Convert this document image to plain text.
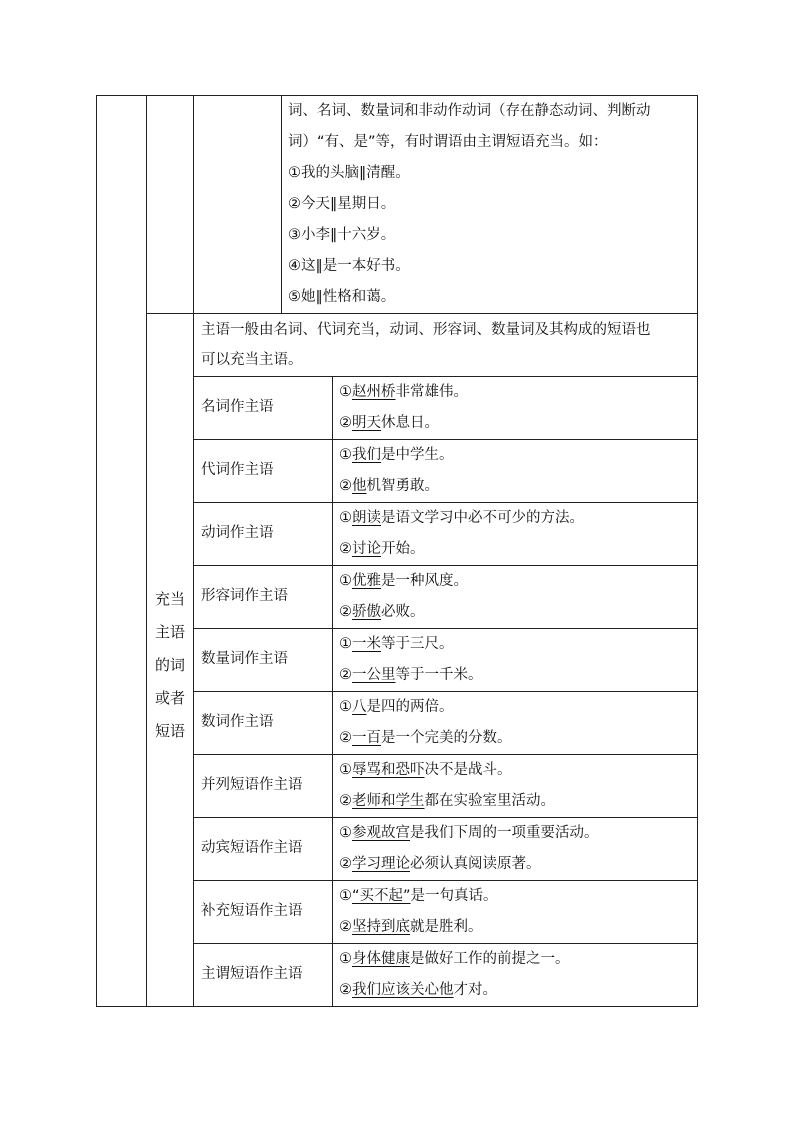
词、名词、数量词和非动作动词（存在静态动词、判断动
词）“有、是”等，有时谓语由主谓短语充当。如：
①我的头脑‖清醒。
②今天‖星期日。
③小李‖十六岁。
④这‖是一本好书。
⑤她‖性格和蔼。
充当
主语
的词
或者
短语
主语一般由名词、代词充当，动词、形容词、数量词及其构成的短语也
可以充当主语。
名词作主语
①赵州桥非常雄伟。
②明天休息日。
代词作主语
①我们是中学生。
②他机智勇敢。
动词作主语
①朗读是语文学习中必不可少的方法。
②讨论开始。
形容词作主语
①优雅是一种风度。
②骄傲必败。
数量词作主语
①一米等于三尺。
②一公里等于一千米。
数词作主语
①八是四的两倍。
②一百是一个完美的分数。
并列短语作主语
①辱骂和恐吓决不是战斗。
②老师和学生都在实验室里活动。
动宾短语作主语
①参观故宫是我们下周的一项重要活动。
②学习理论必须认真阅读原著。
补充短语作主语
①“买不起”是一句真话。
②坚持到底就是胜利。
主谓短语作主语
①身体健康是做好工作的前提之一。
②我们应该关心他才对。
